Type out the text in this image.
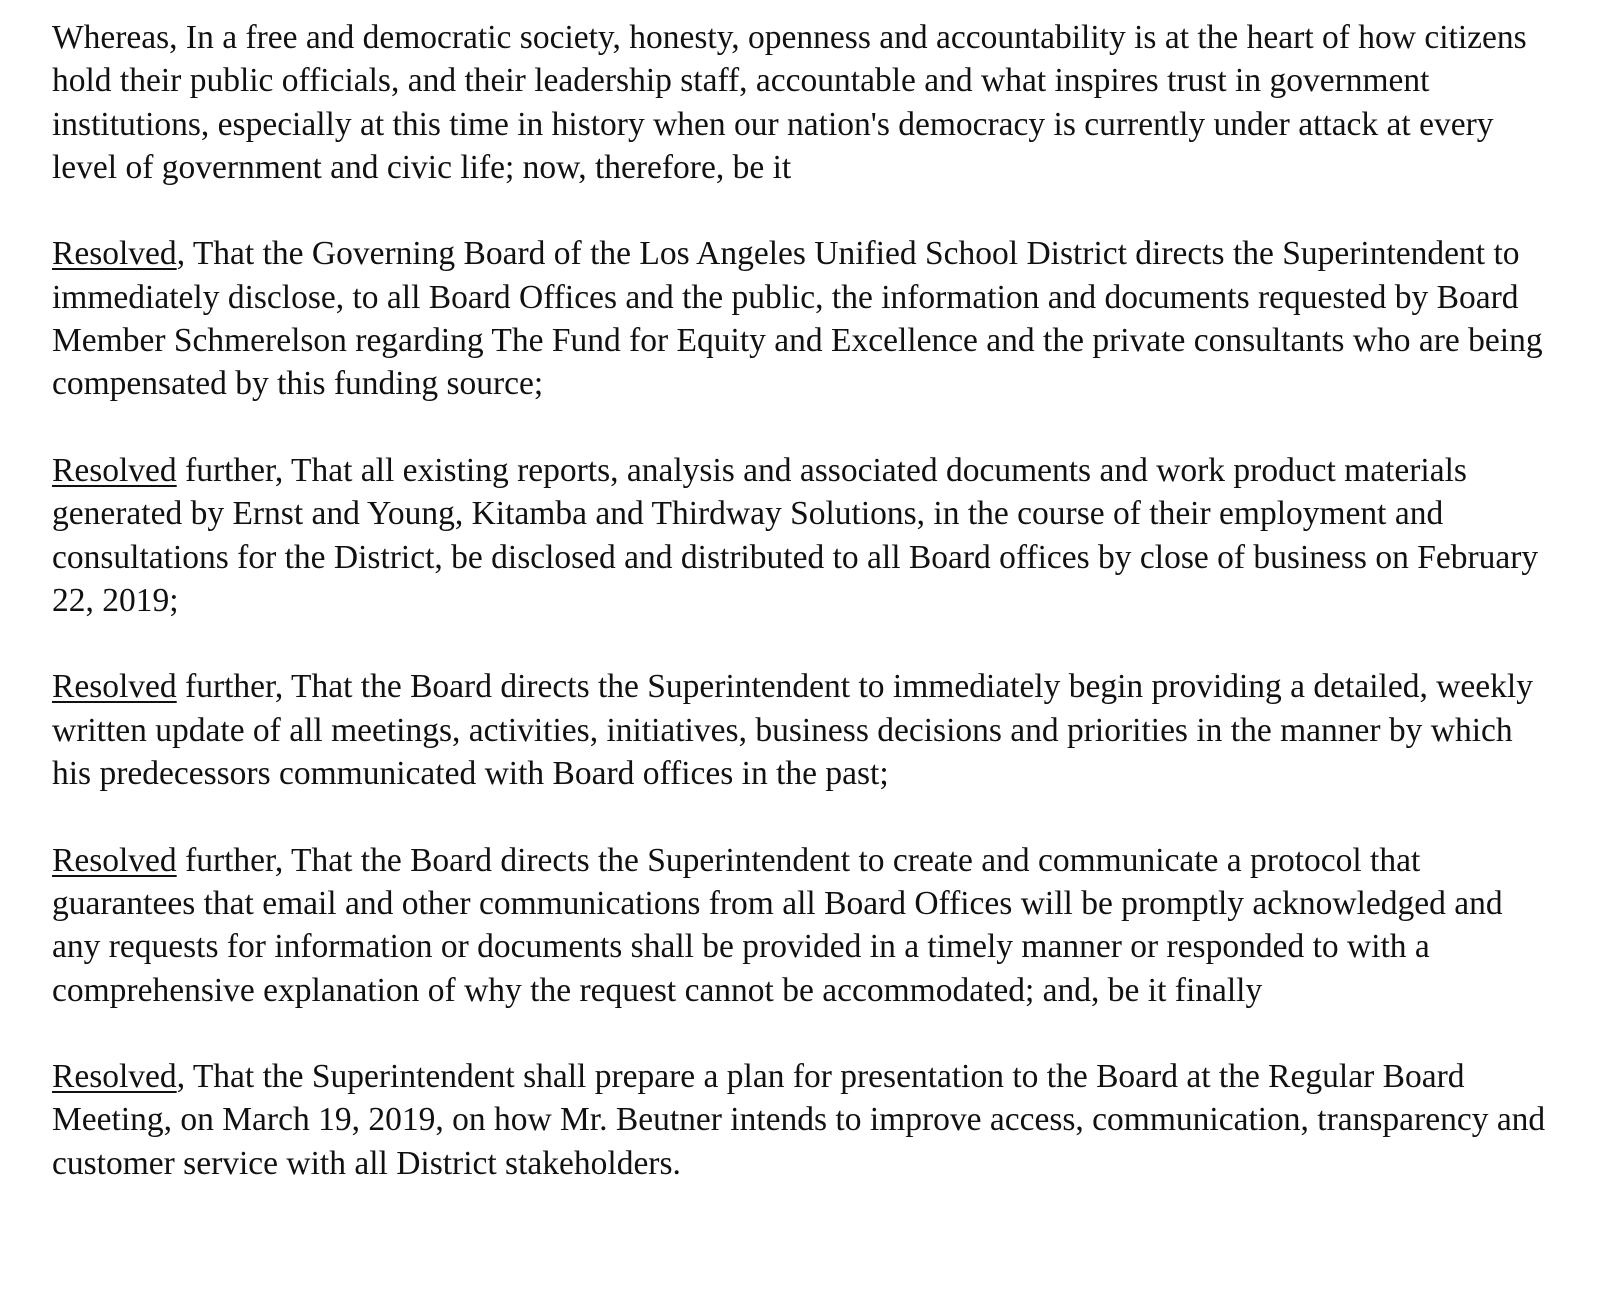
Whereas, In a free and democratic society, honesty, openness and accountability is at the heart of how citizens hold their public officials, and their leadership staff, accountable and what inspires trust in government institutions, especially at this time in history when our nation's democracy is currently under attack at every level of government and civic life; now, therefore, be it

Resolved, That the Governing Board of the Los Angeles Unified School District directs the Superintendent to immediately disclose, to all Board Offices and the public, the information and documents requested by Board Member Schmerelson regarding The Fund for Equity and Excellence and the private consultants who are being compensated by this funding source;

Resolved further, That all existing reports, analysis and associated documents and work product materials generated by Ernst and Young, Kitamba and Thirdway Solutions, in the course of their employment and consultations for the District, be disclosed and distributed to all Board offices by close of business on February 22, 2019;

Resolved further, That the Board directs the Superintendent to immediately begin providing a detailed, weekly written update of all meetings, activities, initiatives, business decisions and priorities in the manner by which his predecessors communicated with Board offices in the past;

Resolved further, That the Board directs the Superintendent to create and communicate a protocol that guarantees that email and other communications from all Board Offices will be promptly acknowledged and any requests for information or documents shall be provided in a timely manner or responded to with a comprehensive explanation of why the request cannot be accommodated; and, be it finally

Resolved, That the Superintendent shall prepare a plan for presentation to the Board at the Regular Board Meeting, on March 19, 2019, on how Mr. Beutner intends to improve access, communication, transparency and customer service with all District stakeholders.
